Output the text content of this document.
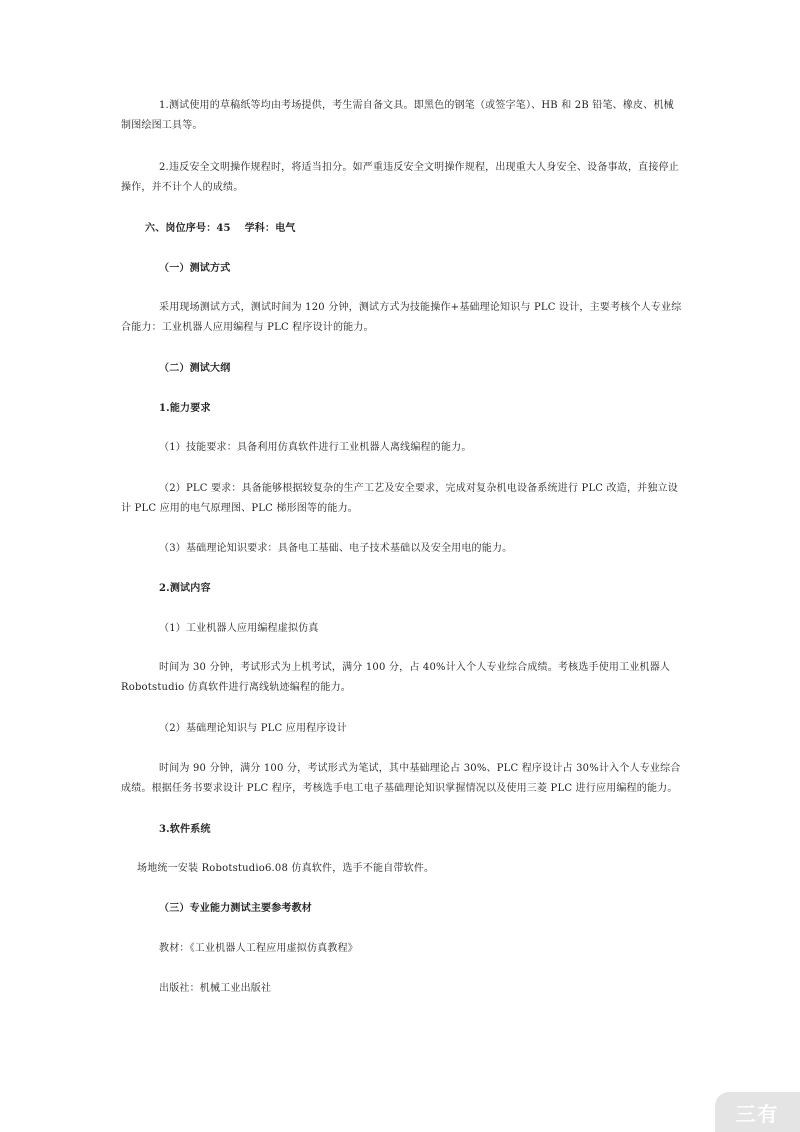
1.测试使用的草稿纸等均由考场提供，考生需自备文具。即黑色的钢笔（或签字笔）、HB 和 2B 铅笔、橡皮、机械制图绘图工具等。

2.违反安全文明操作规程时，将适当扣分。如严重违反安全文明操作规程，出现重大人身安全、设备事故，直接停止操作，并不计个人的成绩。

六、岗位序号：45　 学科：电气

（一）测试方式

采用现场测试方式，测试时间为 120 分钟，测试方式为技能操作+基础理论知识与 PLC 设计，主要考核个人专业综合能力：工业机器人应用编程与 PLC 程序设计的能力。

（二）测试大纲

1.能力要求

（1）技能要求：具备利用仿真软件进行工业机器人离线编程的能力。

（2）PLC 要求：具备能够根据较复杂的生产工艺及安全要求，完成对复杂机电设备系统进行 PLC 改造，并独立设计 PLC 应用的电气原理图、PLC 梯形图等的能力。

（3）基础理论知识要求：具备电工基础、电子技术基础以及安全用电的能力。

2.测试内容

（1）工业机器人应用编程虚拟仿真

时间为 30 分钟，考试形式为上机考试，满分 100 分，占 40%计入个人专业综合成绩。考核选手使用工业机器人 Robotstudio 仿真软件进行离线轨迹编程的能力。

（2）基础理论知识与 PLC 应用程序设计

时间为 90 分钟，满分 100 分，考试形式为笔试，其中基础理论占 30%、PLC 程序设计占 30%计入个人专业综合成绩。根据任务书要求设计 PLC 程序，考核选手电工电子基础理论知识掌握情况以及使用三菱 PLC 进行应用编程的能力。

3.软件系统

场地统一安装 Robotstudio6.08 仿真软件，选手不能自带软件。

（三）专业能力测试主要参考教材

教材：《工业机器人工程应用虚拟仿真教程》

出版社：机械工业出版社

三有
